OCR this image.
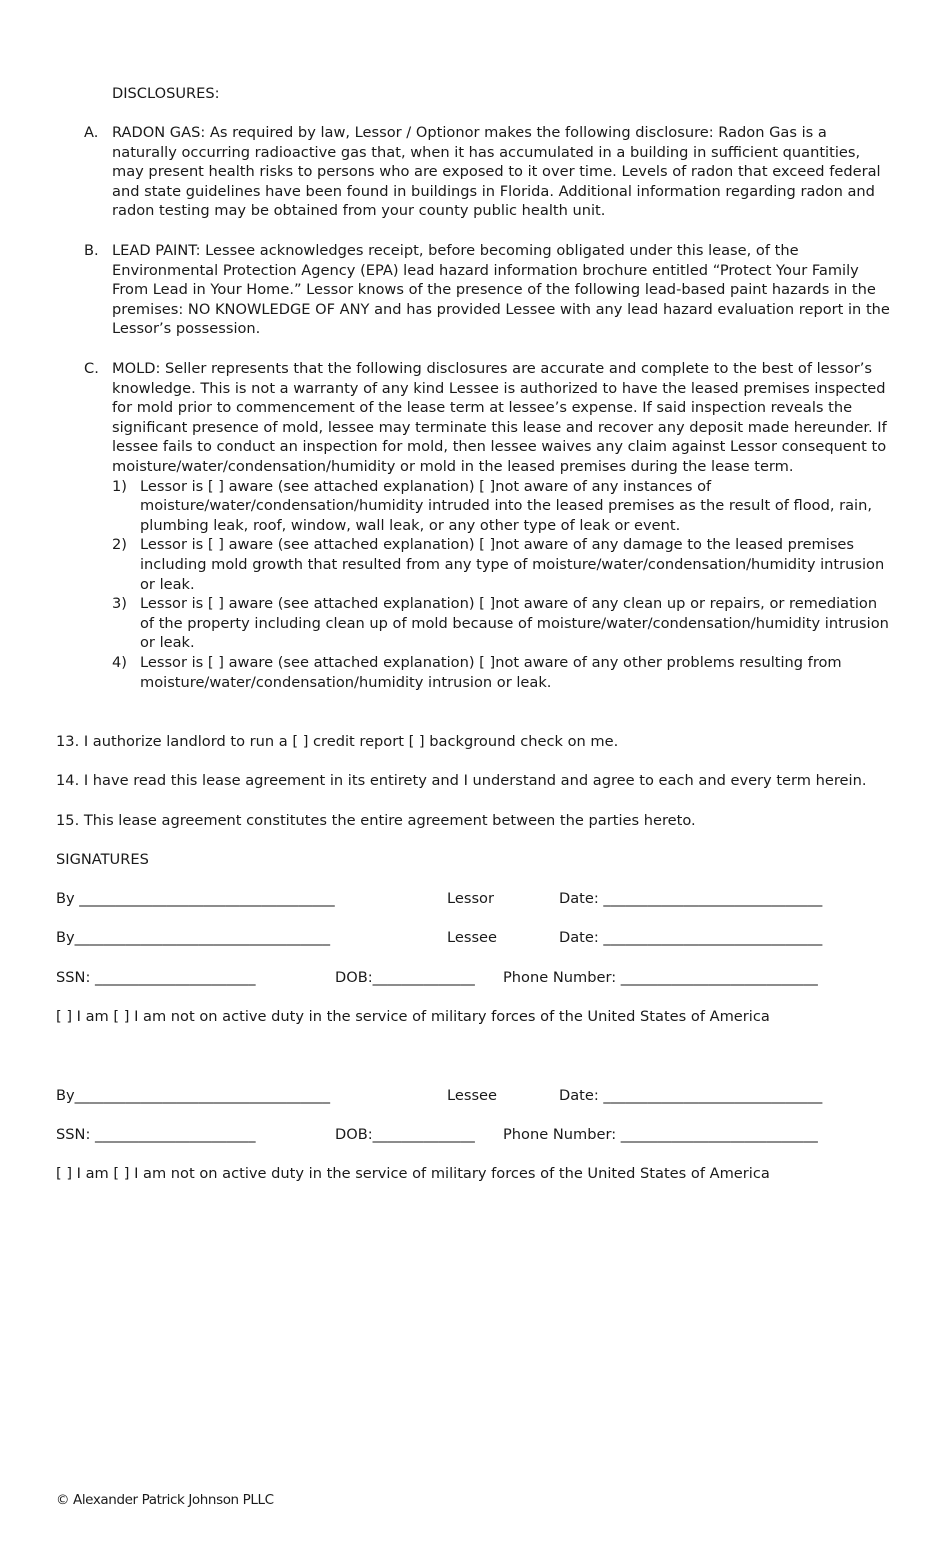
DISCLOSURES:
A. RADON GAS: As required by law, Lessor / Optionor makes the following disclosure: Radon Gas is a naturally occurring radioactive gas that, when it has accumulated in a building in sufficient quantities, may present health risks to persons who are exposed to it over time. Levels of radon that exceed federal and state guidelines have been found in buildings in Florida. Additional information regarding radon and radon testing may be obtained from your county public health unit.
B. LEAD PAINT: Lessee acknowledges receipt, before becoming obligated under this lease, of the Environmental Protection Agency (EPA) lead hazard information brochure entitled “Protect Your Family From Lead in Your Home.” Lessor knows of the presence of the following lead-based paint hazards in the premises: NO KNOWLEDGE OF ANY and has provided Lessee with any lead hazard evaluation report in the Lessor’s possession.
C. MOLD: Seller represents that the following disclosures are accurate and complete to the best of lessor’s knowledge. This is not a warranty of any kind Lessee is authorized to have the leased premises inspected for mold prior to commencement of the lease term at lessee’s expense. If said inspection reveals the significant presence of mold, lessee may terminate this lease and recover any deposit made hereunder. If lessee fails to conduct an inspection for mold, then lessee waives any claim against Lessor consequent to moisture/water/condensation/humidity or mold in the leased premises during the lease term.
1) Lessor is [ ] aware (see attached explanation) [ ]not aware of any instances of moisture/water/condensation/humidity intruded into the leased premises as the result of flood, rain, plumbing leak, roof, window, wall leak, or any other type of leak or event.
2) Lessor is [ ] aware (see attached explanation) [ ]not aware of any damage to the leased premises including mold growth that resulted from any type of moisture/water/condensation/humidity intrusion or leak.
3) Lessor is [ ] aware (see attached explanation) [ ]not aware of any clean up or repairs, or remediation of the property including clean up of mold because of moisture/water/condensation/humidity intrusion or leak.
4) Lessor is [ ] aware (see attached explanation) [ ]not aware of any other problems resulting from moisture/water/condensation/humidity intrusion or leak.
13. I authorize landlord to run a [ ] credit report [ ] background check on me.
14. I have read this lease agreement in its entirety and I understand and agree to each and every term herein.
15. This lease agreement constitutes the entire agreement between the parties hereto.
SIGNATURES
By ___________________________________	Lessor	Date: ______________________________
By___________________________________	Lessee	Date: ______________________________
SSN: ______________________	DOB:______________ Phone Number: ___________________________
[ ] I am [ ] I am not on active duty in the service of military forces of the United States of America
By___________________________________	Lessee	Date: ______________________________
SSN: ______________________	DOB:______________ Phone Number: ___________________________
[ ] I am [ ] I am not on active duty in the service of military forces of the United States of America
© Alexander Patrick Johnson PLLC
